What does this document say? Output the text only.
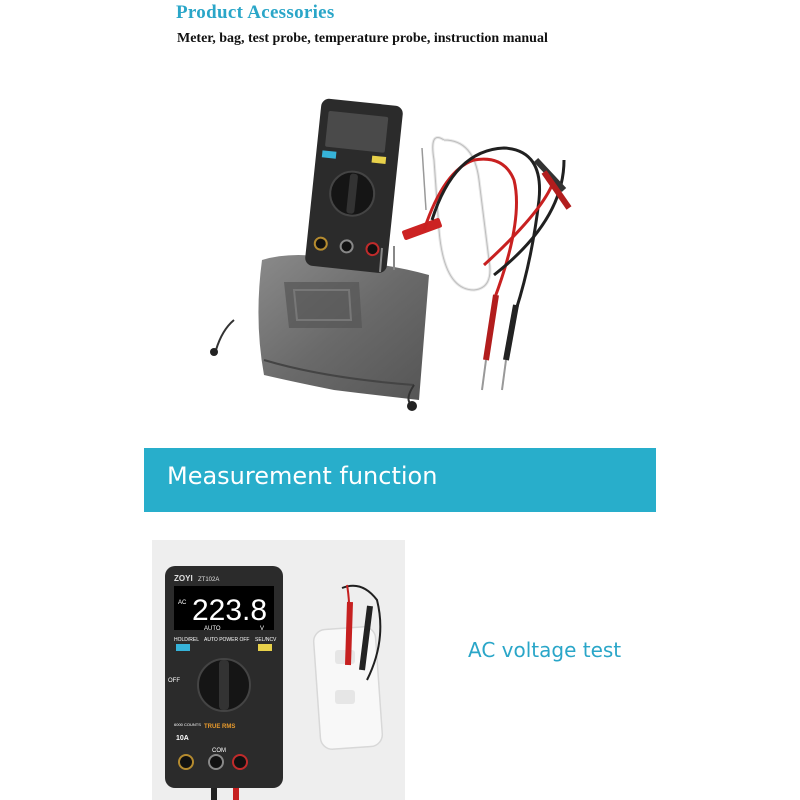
Product Acessories
Meter, bag, test probe, temperature probe, instruction manual
Measurement function
ZOYI ZT102A
223.8
AC
AUTO	V
HOLD/REL AUTO POWER OFF SEL/NCV
OFF
6000 COUNTS TRUE RMS
10A
COM
AC voltage test
